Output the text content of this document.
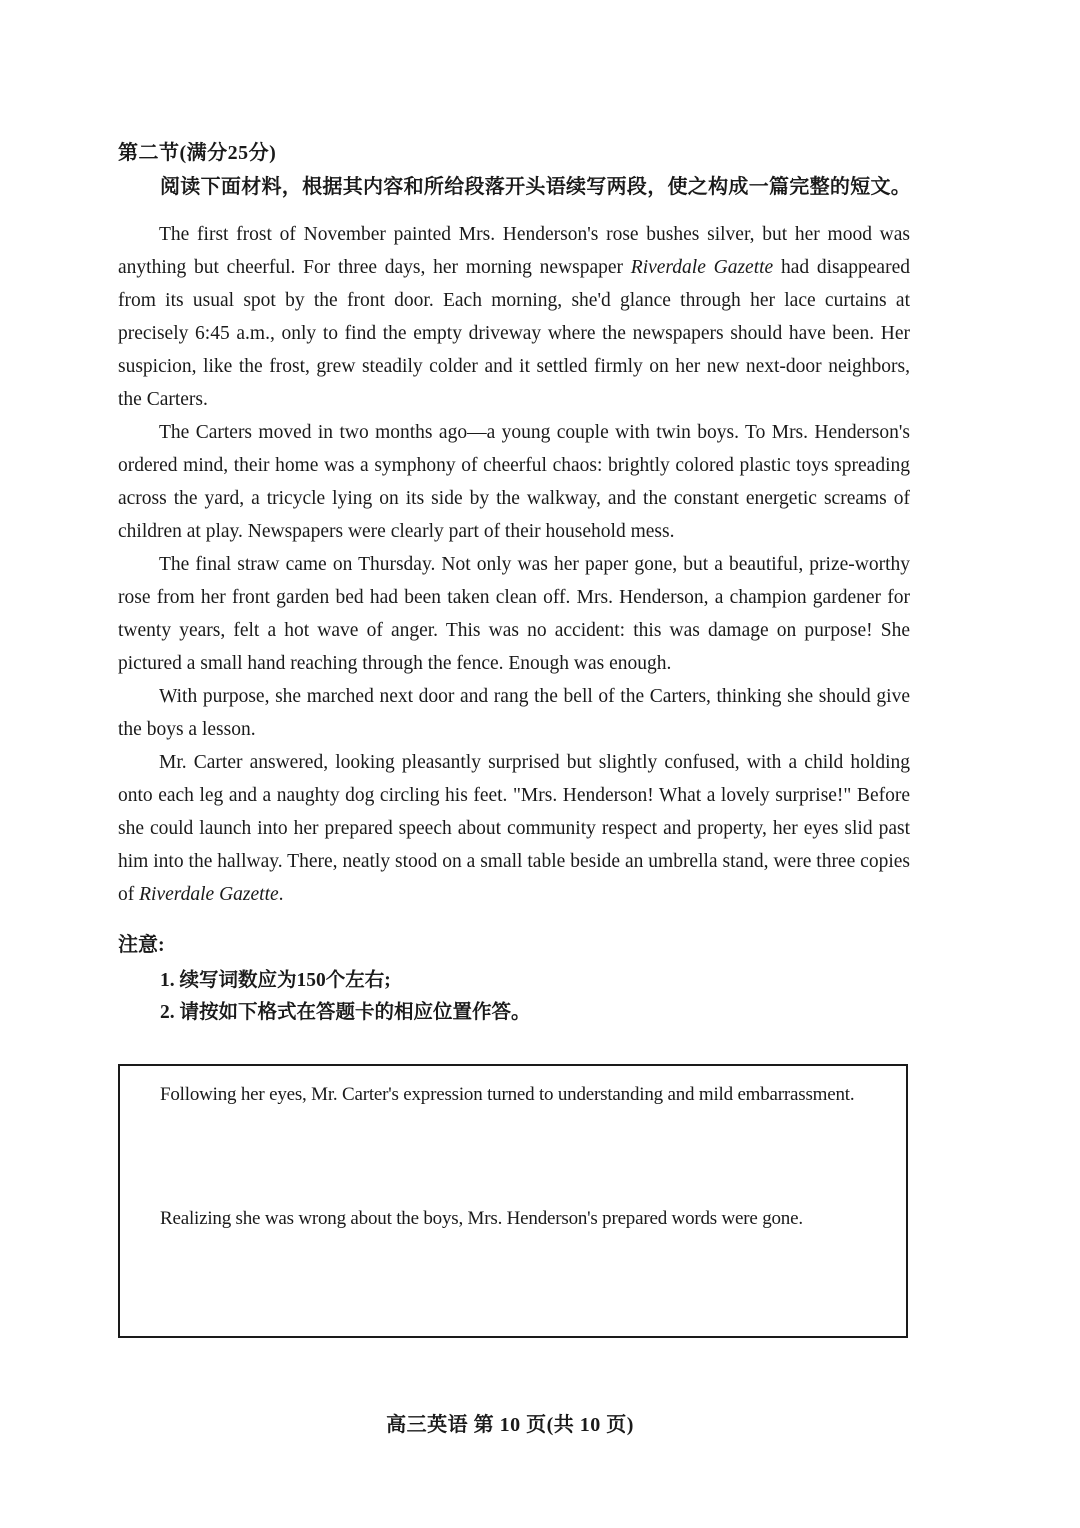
第二节(满分25分)
阅读下面材料，根据其内容和所给段落开头语续写两段，使之构成一篇完整的短文。

The first frost of November painted Mrs. Henderson's rose bushes silver, but her mood was anything but cheerful. For three days, her morning newspaper Riverdale Gazette had disappeared from its usual spot by the front door. Each morning, she'd glance through her lace curtains at precisely 6:45 a.m., only to find the empty driveway where the newspapers should have been. Her suspicion, like the frost, grew steadily colder and it settled firmly on her new next-door neighbors, the Carters.

The Carters moved in two months ago—a young couple with twin boys. To Mrs. Henderson's ordered mind, their home was a symphony of cheerful chaos: brightly colored plastic toys spreading across the yard, a tricycle lying on its side by the walkway, and the constant energetic screams of children at play. Newspapers were clearly part of their household mess.

The final straw came on Thursday. Not only was her paper gone, but a beautiful, prize-worthy rose from her front garden bed had been taken clean off. Mrs. Henderson, a champion gardener for twenty years, felt a hot wave of anger. This was no accident: this was damage on purpose! She pictured a small hand reaching through the fence. Enough was enough.

With purpose, she marched next door and rang the bell of the Carters, thinking she should give the boys a lesson.

Mr. Carter answered, looking pleasantly surprised but slightly confused, with a child holding onto each leg and a naughty dog circling his feet. "Mrs. Henderson! What a lovely surprise!" Before she could launch into her prepared speech about community respect and property, her eyes slid past him into the hallway. There, neatly stood on a small table beside an umbrella stand, were three copies of Riverdale Gazette.

注意:
1. 续写词数应为150个左右;
2. 请按如下格式在答题卡的相应位置作答。
Following her eyes, Mr. Carter's expression turned to understanding and mild embarrassment.
Realizing she was wrong about the boys, Mrs. Henderson's prepared words were gone.
高三英语 第 10 页(共 10 页)
